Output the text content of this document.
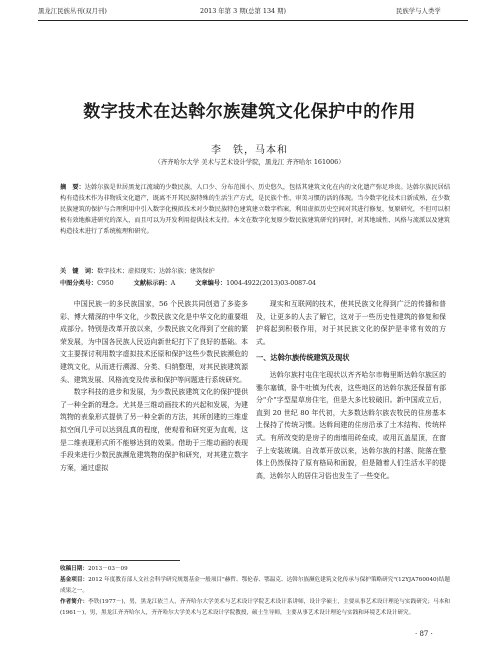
黑龙江民族丛刊(双月刊)	2013 年第 3 期(总第 134 期)	民族学与人类学
数字技术在达斡尔族建筑文化保护中的作用
李　铁，马本和
（齐齐哈尔大学 美术与艺术设计学院，黑龙江 齐齐哈尔 161006）
摘　要：达斡尔族是世居黑龙江流域的少数民族，人口少、分布范围小、历史悠久，包括其建筑文化在内的文化遗产弥足珍贵。达斡尔族民居结构有造技术作为非物质文化遗产，既离不开其民族特殊的生活生产方式，是民族个性、审美习惯的活的体现。当今数字化技术日新成熟，在少数民族建筑的保护与合理利用中引入数字化模拟技术对少数民族特色建筑建立数字档案，利用虚拟历史空间对其进行修复、复原研究，不但可以积极有效地推进研究的深入，而且可以为开发利用提供技术支持。本文在数字化复原少数民族建筑研究的同时，对其地域性、风格与流派以及建筑构造技术进行了系统梳理和研究。
关　键　词：数字技术；虚拟现实；达斡尔族；建筑保护
中图分类号：C950	文献标示码：A	文章编号：1004-4922(2013)03-0087-04

中国民族一的多民族国家，56 个民族共同创造了多姿多彩、博大精深的中华文化，少数民族文化是中华文化的重要组成部分。特别是改革开放以来，少数民族文化得到了空前的繁荣发展，为中国各民族人民迈向新世纪打下了良好的基础。本文主要探讨利用数字虚拟技术还原和保护这些少数民族濒危的建筑文化，从而进行溯源、分类、归纳整理，对其民族建筑源头、建筑发展、风格流变及传承和保护等问题进行系统研究。

数字科技的进步和发展，为少数民族建筑文化的保护提供了一种全新的理念。尤其是三维动画技术的兴起和发展，为建筑物的表象形式提供了另一种全新的方法，其所创建的三维虚拟空间几乎可以达到乱真的程度，使观看和研究更为直观，这是二维表现形式所不能够达到的效果。借助于三维动画的表现手段来进行少数民族濒危建筑物的保护和研究，对其建立数字方案，通过虚拟

现实和互联网的技术，使其民族文化得到广泛的传播和普及，让更多的人去了解它，这对于一些历史性建筑的修复和保护将起到积极作用，对于其民族文化的保护是非常有效的方式。

一、达斡尔族传统建筑及现状

达斡尔族村屯住宅现状以齐齐哈尔市梅里斯达斡尔族区的雅尔塞镇，卧牛吐镇为代表，这些地区的达斡尔族还保留有部分"介"字型屋草房住宅，但是大多比较破旧。新中国成立后，直到 20 世纪 80 年代初，大多数达斡尔族农牧民的住房基本上保持了传统习惯。达斡间建的住房沿承了土木结构、传统样式。有所改变的是房子的南墙用砖垒成，或用瓦盖屋顶，在窗子上安装玻璃。自改革开放以来，达斡尔族的村落、院落在整体上仍然保持了原有格局和面貌，但是随着人们生活水平的提高，达斡尔人的居住习俗也发生了一些变化。

收稿日期：2013－03－09
基金项目：2012 年度教育部人文社会科学研究规划基金一般项目"赫哲、鄂伦春、鄂温克、达斡尔族濒危建筑文化传承与保护策略研究"(12YJA760040)结题成果之一。
作者简介：李铁(1977－)，男，黑龙江依兰人，齐齐哈尔大学美术与艺术设计学院艺术设计系讲师，设计学硕士，主要从事艺术设计理论与实践研究；马本和(1961－)，男，黑龙江齐齐哈尔人，齐齐哈尔大学美术与艺术设计学院教授，硕士生导师，主要从事艺术设计理论与实践和环境艺术设计研究。
· 87 ·
